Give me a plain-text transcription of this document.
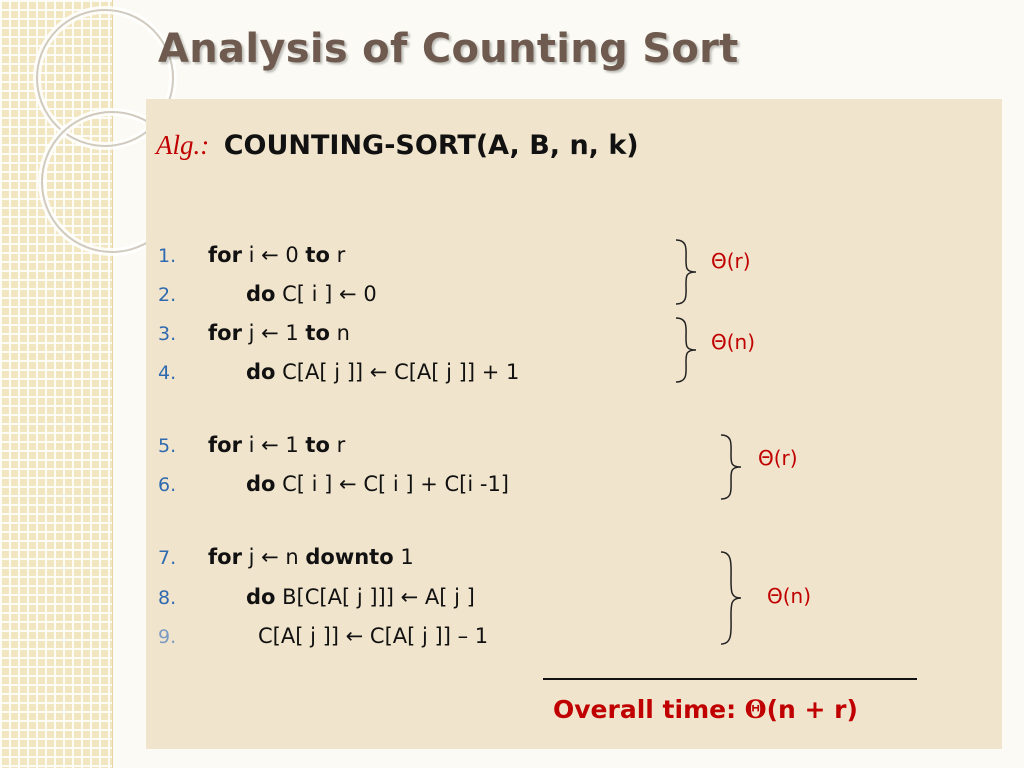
Analysis of Counting Sort
Alg.: COUNTING-SORT(A, B, n, k)
1. for i ← 0 to r
2.	do C[ i ] ← 0
3. for j ← 1 to n
4.	do C[A[ j ]] ← C[A[ j ]] + 1
5. for i ← 1 to r
6.	do C[ i ] ← C[ i ] + C[i -1]
7. for j ← n downto 1
8.	do B[C[A[ j ]]] ← A[ j ]
9.	C[A[ j ]] ← C[A[ j ]] – 1
Θ(r)
Θ(n)
Θ(r)
Θ(n)
Overall time: Θ(n + r)
